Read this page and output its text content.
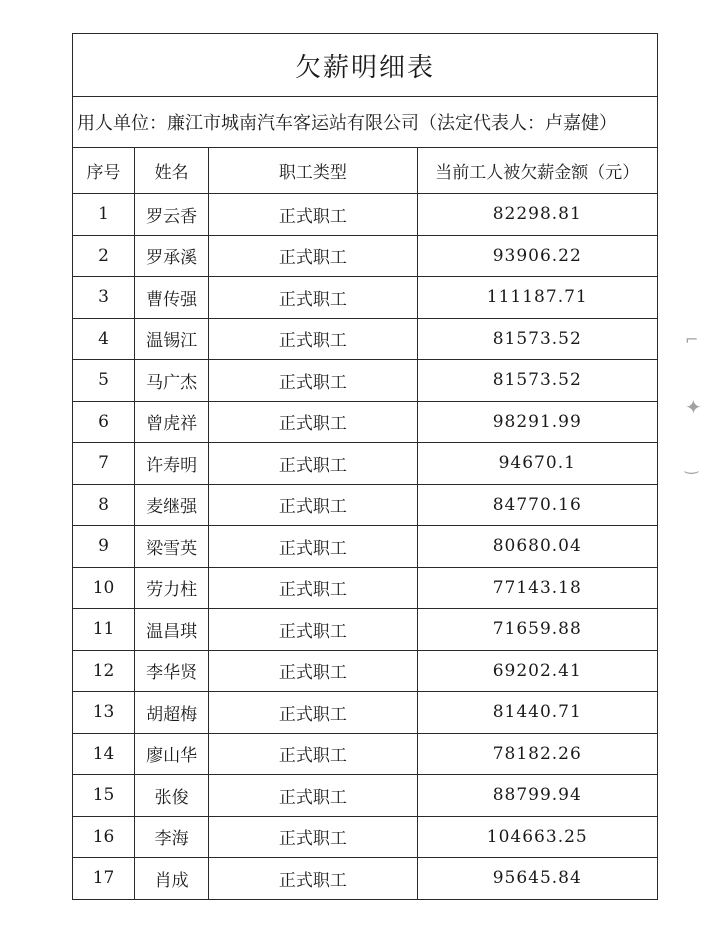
欠薪明细表			
用人单位：廉江市城南汽车客运站有限公司（法定代表人：卢嘉健）			
序号	姓名	职工类型	当前工人被欠薪金额（元）
1	罗云香	正式职工	82298.81
2	罗承溪	正式职工	93906.22
3	曹传强	正式职工	111187.71
4	温锡江	正式职工	81573.52
5	马广杰	正式职工	81573.52
6	曾虎祥	正式职工	98291.99
7	许寿明	正式职工	94670.1
8	麦继强	正式职工	84770.16
9	梁雪英	正式职工	80680.04
10	劳力柱	正式职工	77143.18
11	温昌琪	正式职工	71659.88
12	李华贤	正式职工	69202.41
13	胡超梅	正式职工	81440.71
14	廖山华	正式职工	78182.26
15	张俊	正式职工	88799.94
16	李海	正式职工	104663.25
17	肖成	正式职工	95645.84
⌐
✦
‿
